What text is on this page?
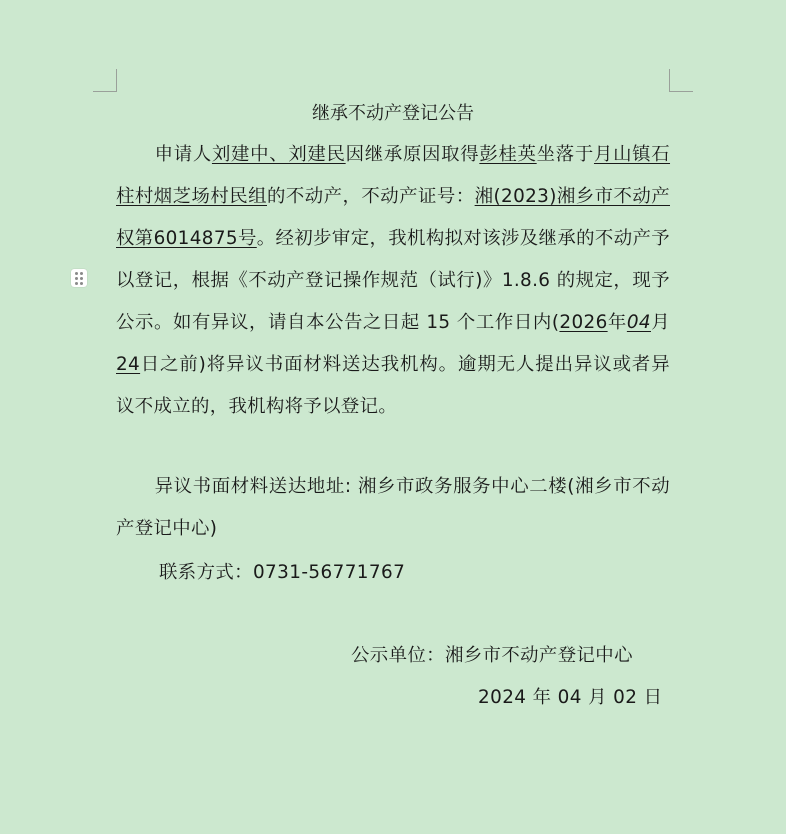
继承不动产登记公告
申请人刘建中、刘建民因继承原因取得彭桂英坐落于月山镇石柱村烟芝场村民组的不动产，不动产证号：湘(2023)湘乡市不动产权第6014875号。经初步审定，我机构拟对该涉及继承的不动产予以登记，根据《不动产登记操作规范（试行)》1.8.6 的规定，现予公示。如有异议，请自本公告之日起 15 个工作日内(2026年04月24日之前)将异议书面材料送达我机构。逾期无人提出异议或者异议不成立的，我机构将予以登记。
异议书面材料送达地址: 湘乡市政务服务中心二楼(湘乡市不动产登记中心)
联系方式：0731-56771767
公示单位：湘乡市不动产登记中心
2024 年 04 月 02 日
